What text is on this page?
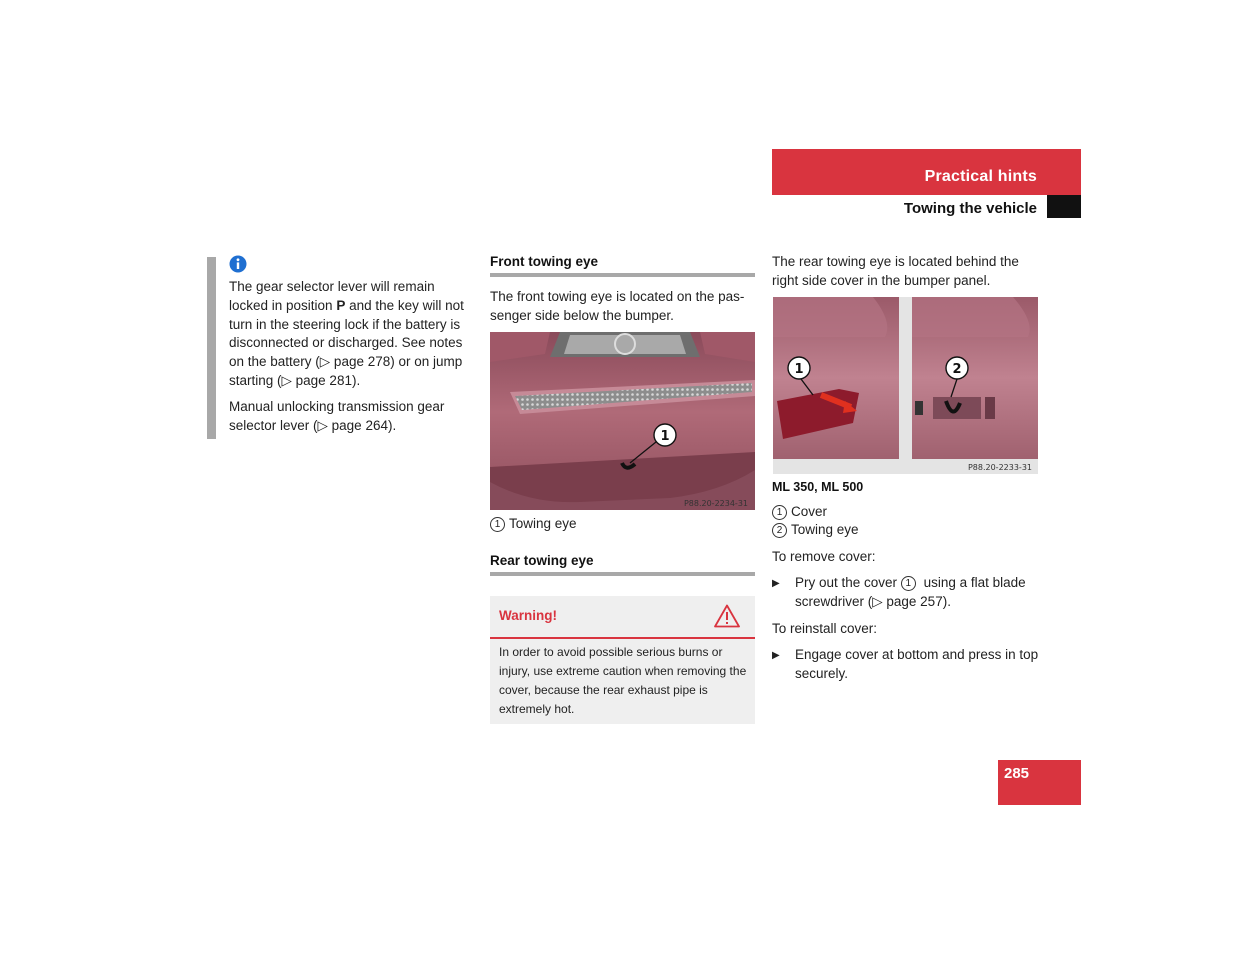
Practical hints
Towing the vehicle
The gear selector lever will remain locked in position P and the key will not turn in the steering lock if the battery is disconnected or discharged. See notes on the battery (▷ page 278) or on jump starting (▷ page 281).
Manual unlocking transmission gear selector lever (▷ page 264).
Front towing eye
The front towing eye is located on the pas-senger side below the bumper.
1
P88.20-2234-31
1 Towing eye
Rear towing eye
Warning!
In order to avoid possible serious burns or injury, use extreme caution when removing the cover, because the rear exhaust pipe is extremely hot.
The rear towing eye is located behind the right side cover in the bumper panel.
1	2
P88.20-2233-31
ML 350, ML 500
1 Cover
2 Towing eye
To remove cover:
▶	Pry out the cover 1 using a flat blade screwdriver (▷ page 257).
To reinstall cover:
▶	Engage cover at bottom and press in top securely.
285
